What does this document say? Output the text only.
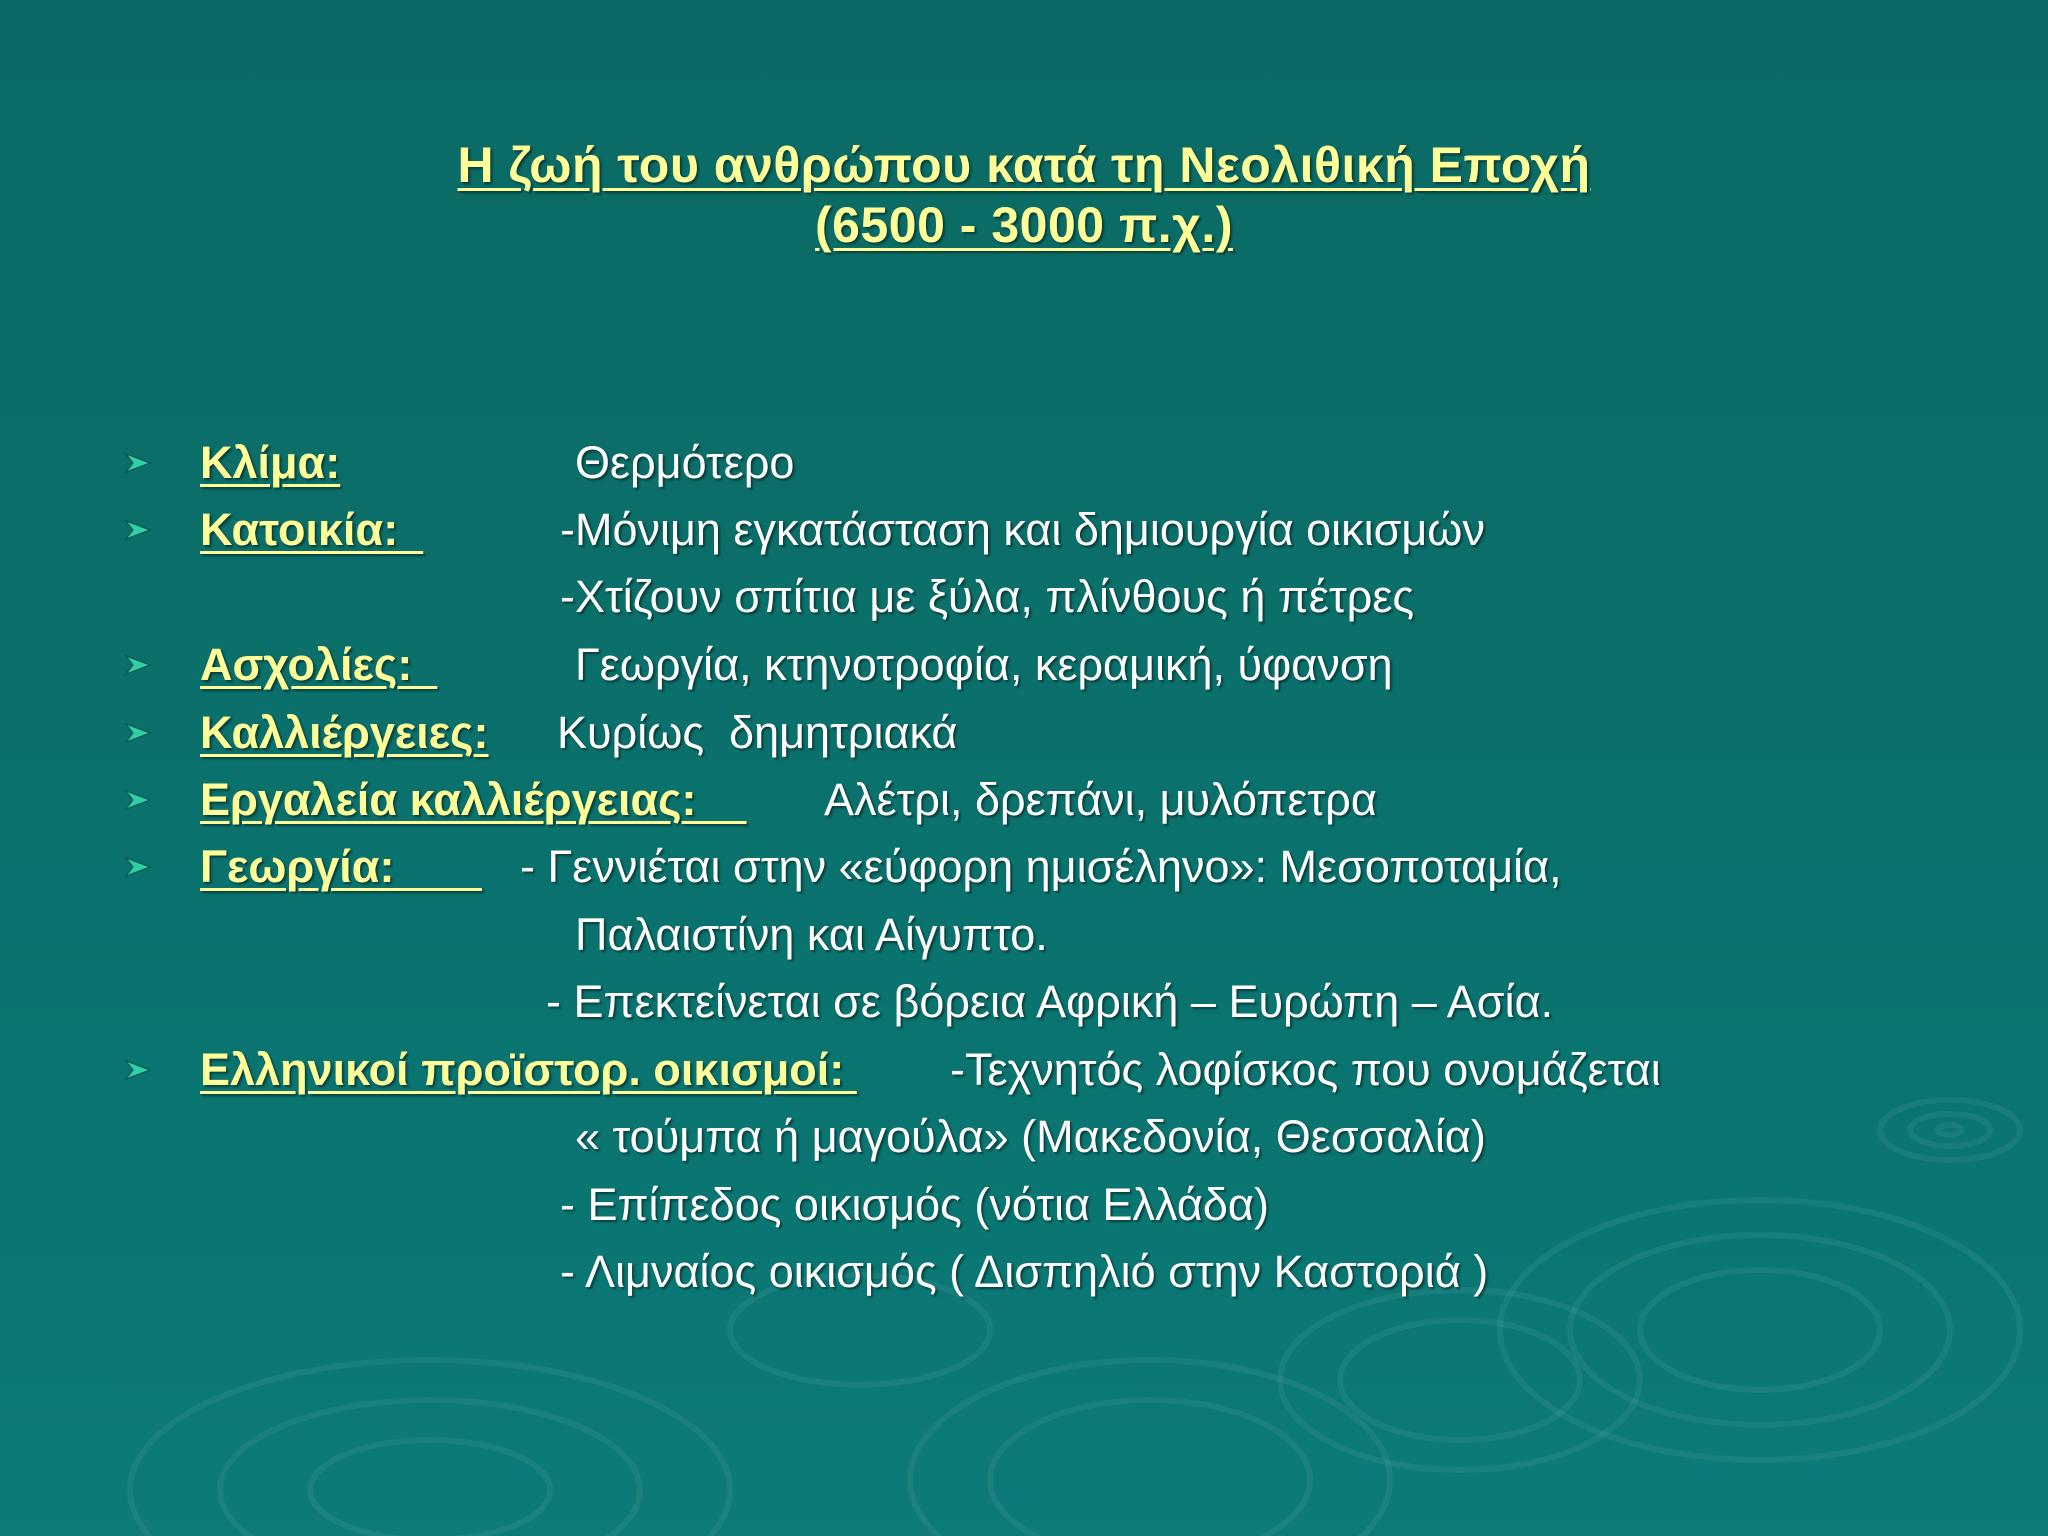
Η ζωή του ανθρώπου κατά τη Νεολιθική Εποχή
(6500 - 3000 π.χ.)
Κλίμα:	Θερμότερο
Κατοικία:	-Μόνιμη εγκατάσταση και δημιουργία οικισμών
-Χτίζουν σπίτια με ξύλα, πλίνθους ή πέτρες
Ασχολίες:	Γεωργία, κτηνοτροφία, κεραμική, ύφανση
Καλλιέργειες: Κυρίως  δημητριακά
Εργαλεία καλλιέργειας: Αλέτρι, δρεπάνι, μυλόπετρα
Γεωργία: - Γεννιέται στην «εύφορη ημισέληνο»: Μεσοποταμία,
Παλαιστίνη και Αίγυπτο.
- Επεκτείνεται σε βόρεια Αφρική – Ευρώπη – Ασία.
Ελληνικοί προϊστορ. οικισμοί: -Τεχνητός λοφίσκος που ονομάζεται
« τούμπα ή μαγούλα» (Μακεδονία, Θεσσαλία)
- Επίπεδος οικισμός (νότια Ελλάδα)
- Λιμναίος οικισμός ( Δισπηλιό στην Καστοριά )
